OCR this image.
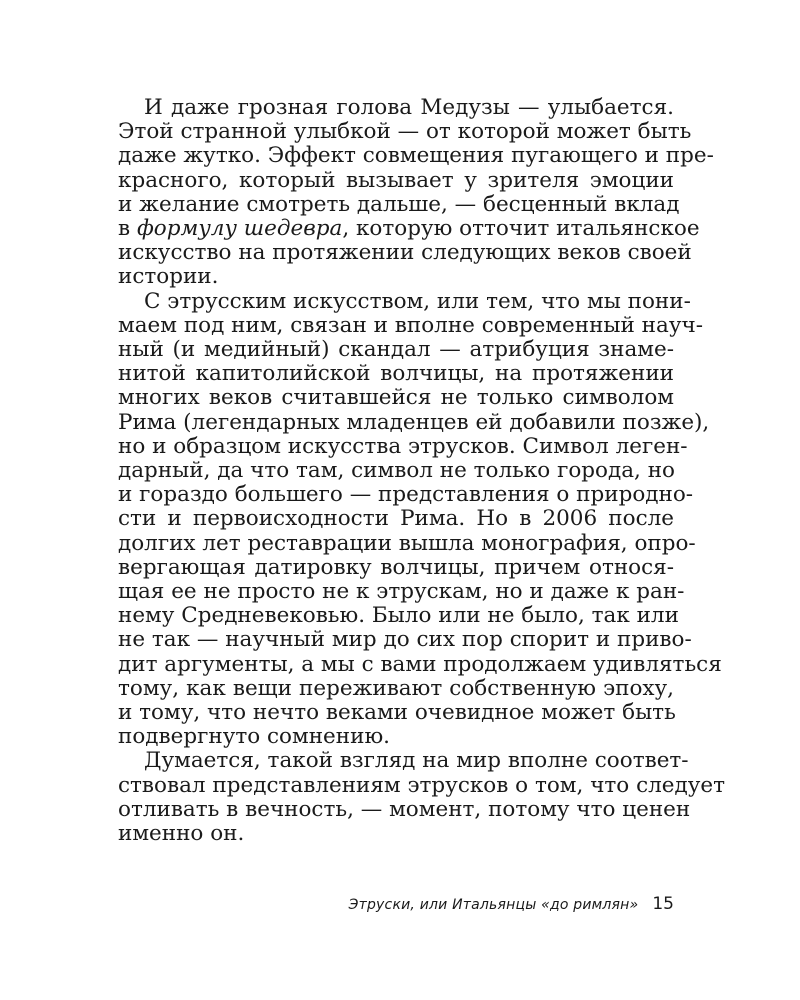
И даже грозная голова Медузы — улыбается.
Этой странной улыбкой — от которой может быть
даже жутко. Эффект совмещения пугающего и пре-
красного, который вызывает у зрителя эмоции
и желание смотреть дальше, — бесценный вклад
в формулу шедевра, которую отточит итальянское
искусство на протяжении следующих веков своей
истории.

С этрусским искусством, или тем, что мы пони-
маем под ним, связан и вполне современный науч-
ный (и медийный) скандал — атрибуция знаме-
нитой капитолийской волчицы, на протяжении
многих веков считавшейся не только символом
Рима (легендарных младенцев ей добавили позже),
но и образцом искусства этрусков. Символ леген-
дарный, да что там, символ не только города, но
и гораздо большего — представления о природно-
сти и первоисходности Рима. Но в 2006 после
долгих лет реставрации вышла монография, опро-
вергающая датировку волчицы, причем относя-
щая ее не просто не к этрускам, но и даже к ран-
нему Средневековью. Было или не было, так или
не так — научный мир до сих пор спорит и приво-
дит аргументы, а мы с вами продолжаем удивляться
тому, как вещи переживают собственную эпоху,
и тому, что нечто веками очевидное может быть
подвергнуто сомнению.

Думается, такой взгляд на мир вполне соответ-
ствовал представлениям этрусков о том, что следует
отливать в вечность, — момент, потому что ценен
именно он.

Этруски, или Итальянцы «до римлян» 15
